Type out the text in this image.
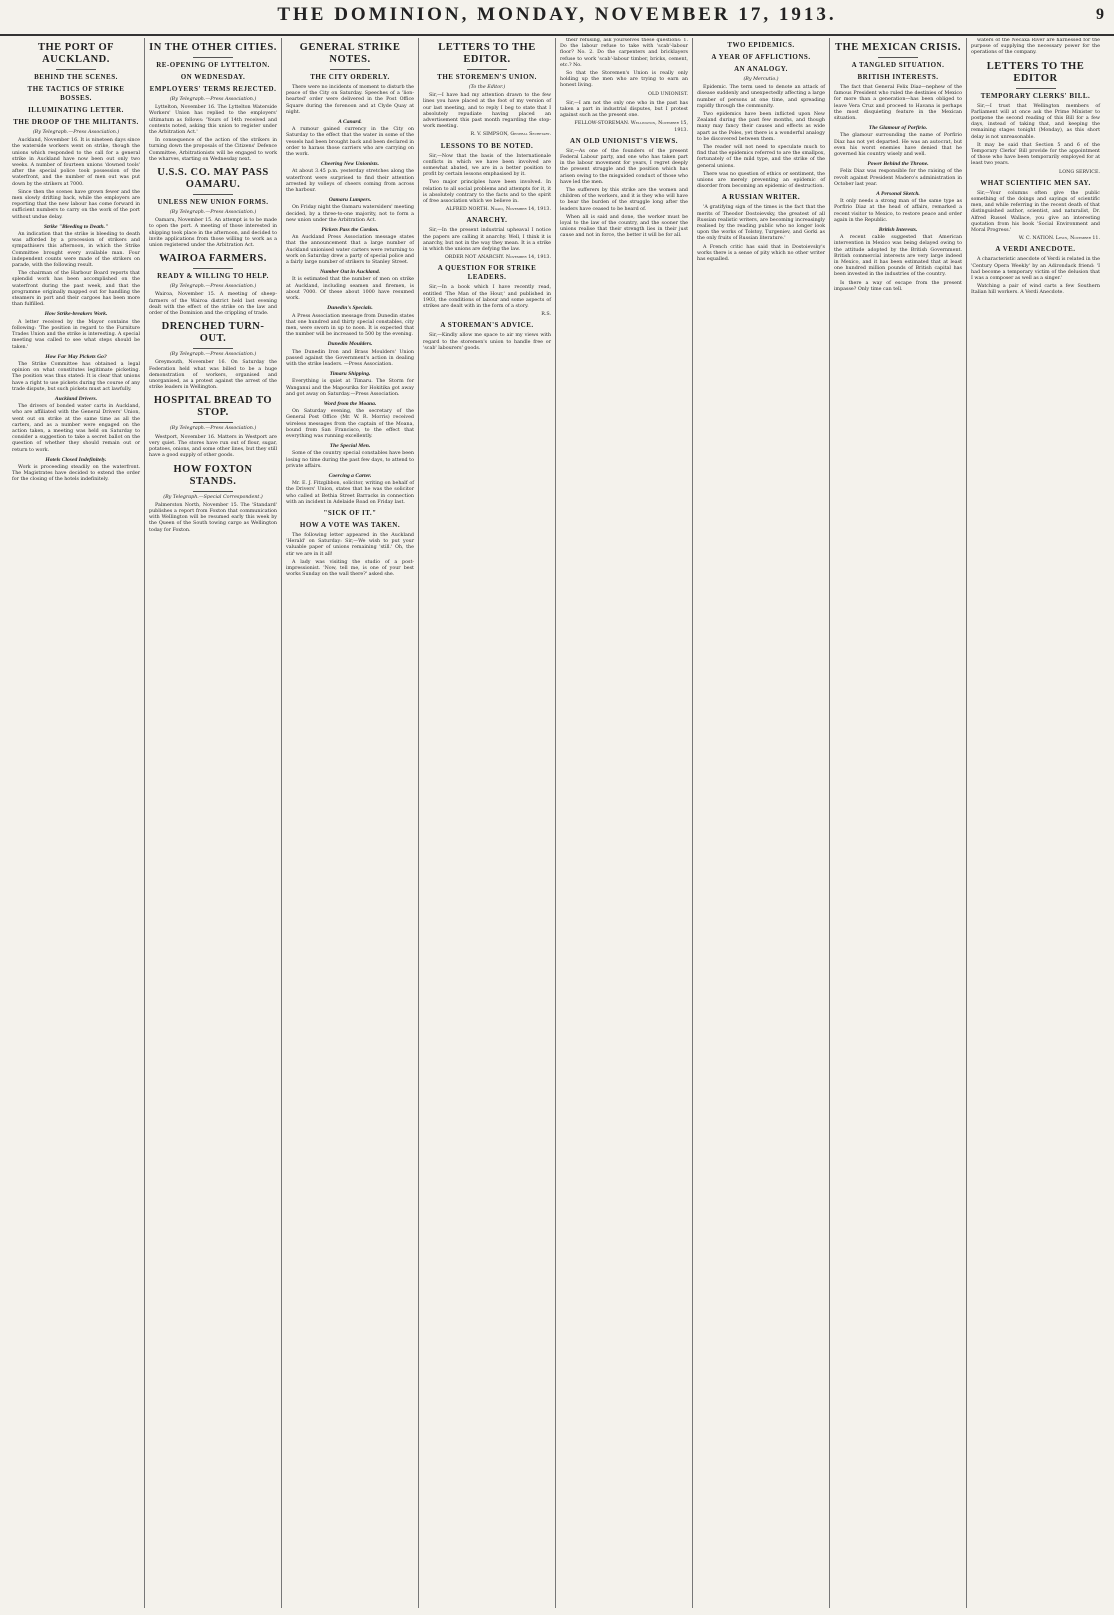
THE DOMINION, MONDAY, NOVEMBER 17, 1913.	9
THE PORT OF AUCKLAND.
BEHIND THE SCENES.
THE TACTICS OF STRIKE BOSSES.
ILLUMINATING LETTER.
THE DROOP OF THE MILITANTS.
(By Telegraph.—Press Association.)

Auckland, November 16. It is nineteen days since the waterside workers went on strike, though the unions which responded to the call for a general strike in Auckland have now been out only two weeks. A number of fourteen unions 'downed tools' after the special police took possession of the waterfront, and the number of men out was put down by the strikers at 7000.

Since then the scenes have grown fewer and the men slowly drifting back, while the employers are reporting that the new labour has come forward in sufficient numbers to carry on the work of the port without undue delay.

Strike "Bleeding to Death."

An indication that the strike is bleeding to death was afforded by a procession of strikers and sympathisers this afternoon, in which the Strike Committee brought every available man. Four independent counts were made of the strikers on parade, with the following result.

The chairman of the Harbour Board reports that splendid work has been accomplished on the waterfront during the past week, and that the programme originally mapped out for handling the steamers in port and their cargoes has been more than fulfilled.

How Strike-breakers Work.

A letter received by the Mayor contains the following: 'The position in regard to the Furniture Trades Union and the strike is interesting. A special meeting was called to see what steps should be taken.'

How Far May Pickets Go?

The Strike Committee has obtained a legal opinion on what constitutes legitimate picketing. The position was thus stated: It is clear that unions have a right to use pickets during the course of any trade dispute, but such pickets must act lawfully.

Auckland Drivers.

The drivers of bonded water carts in Auckland, who are affiliated with the General Drivers' Union, went out on strike at the same time as all the carters, and as a number were engaged on the action taken, a meeting was held on Saturday to consider a suggestion to take a secret ballot on the question of whether they should remain out or return to work.

Hotels Closed Indefinitely.

Work is proceeding steadily on the waterfront. The Magistrates have decided to extend the order for the closing of the hotels indefinitely.

IN THE OTHER CITIES.
RE-OPENING OF LYTTELTON.
ON WEDNESDAY.
EMPLOYERS' TERMS REJECTED.
(By Telegraph.—Press Association.)

Lyttelton, November 16. The Lyttelton Waterside Workers' Union has replied to the employers' ultimatum as follows: 'Yours of 14th received and contents noted, asking this union to register under the Arbitration Act.'

In consequence of the action of the strikers in turning down the proposals of the Citizens' Defence Committee, Arbitrationists will be engaged to work the wharves, starting on Wednesday next.

U.S.S. CO. MAY PASS OAMARU.
UNLESS NEW UNION FORMS.
(By Telegraph.—Press Association.)

Oamaru, November 15. An attempt is to be made to open the port. A meeting of those interested in shipping took place in the afternoon, and decided to invite applications from those willing to work as a union registered under the Arbitration Act.

WAIROA FARMERS.
READY & WILLING TO HELP.
(By Telegraph.—Press Association.)

Wairoa, November 15. A meeting of sheep-farmers of the Wairoa district held last evening dealt with the effect of the strike on the law and order of the Dominion and the crippling of trade.

DRENCHED TURN-OUT.
(By Telegraph.—Press Association.)

Greymouth, November 16. On Saturday the Federation held what was billed to be a huge demonstration of workers, organised and unorganised, as a protest against the arrest of the strike leaders in Wellington.

HOSPITAL BREAD TO STOP.
(By Telegraph.—Press Association.)

Westport, November 16. Matters in Westport are very quiet. The stores have run out of flour, sugar, potatoes, onions, and some other lines, but they still have a good supply of other goods.

HOW FOXTON STANDS.
(By Telegraph.—Special Correspondent.)

Palmerston North, November 15. The 'Standard' publishes a report from Foxton that communication with Wellington will be resumed early this week by the Queen of the South towing cargo as Wellington today for Foxton.

GENERAL STRIKE NOTES.
THE CITY ORDERLY.

There were no incidents of moment to disturb the peace of the City on Saturday. Speeches of a 'lion-hearted' order were delivered in the Post Office Square during the forenoon and at Clyde Quay at night.

A Canard.

A rumour gained currency in the City on Saturday to the effect that the water in some of the vessels had been brought back and been declared in order to harass those carriers who are carrying on the work.

Cheering New Unionists.

At about 3.45 p.m. yesterday stretches along the waterfront were surprised to find their attention arrested by volleys of cheers coming from across the harbour.

Oamaru Lumpers.

On Friday night the Oamaru watersiders' meeting decided, by a three-to-one majority, not to form a new union under the Arbitration Act.

Pickets Pass the Cordon.

An Auckland Press Association message states that the announcement that a large number of Auckland unionised water carters were returning to work on Saturday drew a party of special police and a fairly large number of strikers to Stanley Street.

Number Out in Auckland.

It is estimated that the number of men on strike at Auckland, including seamen and firemen, is about 7000. Of these about 1000 have resumed work.

Dunedin's Specials.

A Press Association message from Dunedin states that one hundred and thirty special constables, city men, were sworn in up to noon. It is expected that the number will be increased to 500 by the evening.

Dunedin Moulders.

The Dunedin Iron and Brass Moulders' Union passed against the Government's action in dealing with the strike leaders. —Press Association.

Timaru Shipping.

Everything is quiet at Timaru. The Storm for Wanganui and the Mapourika for Hokitika got away and got away on Saturday.—Press Association.

Word from the Moana.

On Saturday evening, the secretary of the General Post Office (Mr. W. R. Morris) received wireless messages from the captain of the Moana, bound from San Francisco, to the effect that everything was running excellently.

The Special Men.

Some of the country special constables have been losing no time during the past few days, to attend to private affairs.

Coercing a Carter.

Mr. E. J. Fitzgibbon, solicitor, writing on behalf of the Drivers' Union, states that he was the solicitor who called at Bethia Street Barracks in connection with an incident in Adelaide Road on Friday last.

"SICK OF IT."
HOW A VOTE WAS TAKEN.

The following letter appeared in the Auckland 'Herald' on Saturday: Sir,—We wish to put your valuable paper of unions remaining 'still.' Oh, the stir we are in it all!

A lady was visiting the studio of a post-impressionist. 'Now, tell me, is one of your best works Sunday on the wall there?' asked she.

LETTERS TO THE EDITOR.
THE STOREMEN'S UNION.
(To the Editor.)

Sir,—I have had my attention drawn to the few lines you have placed at the foot of my version of our last meeting, and to reply I beg to state that I absolutely repudiate having placed an advertisement this past month regarding the stop-work meeting.

R. V. SIMPSON, General Secretary.
LESSONS TO BE NOTED.

Sir,—Now that the basis of the Internationale conflicts in which we have been involved are somewhat abated, we are in a better position to profit by certain lessons emphasised by it.

Two major principles have been involved. In relation to all social problems and attempts for it, it is absolutely contrary to the facts and to the spirit of free association which we believe in.

ALFRED NORTH. Ngaio, November 14, 1913.
ANARCHY.

Sir,—In the present industrial upheaval I notice the papers are calling it anarchy. Well, I think it is anarchy, but not in the way they mean. It is a strike in which the unions are defying the law.

ORDER NOT ANARCHY. November 14, 1913.
A QUESTION FOR STRIKE LEADERS.

Sir,—In a book which I have recently read, entitled 'The Man of the Hour,' and published in 1903, the conditions of labour and some aspects of strikes are dealt with in the form of a story.

R.S.
A STOREMAN'S ADVICE.

Sir,—Kindly allow me space to air my views with regard to the storemen's union to handle free or 'scab' labourers' goods.

their refusing, ask yourselves these questions: 1. Do the labour refuse to take with 'scab'-labour floor? No. 2. Do the carpenters and bricklayers refuse to work 'scab'-labour timber, bricks, cement, etc.? No.

So that the Storemen's Union is really only holding up the men who are trying to earn an honest living.

OLD UNIONIST.

Sir,—I am not the only one who in the past has taken a part in industrial disputes, but I protest against such as the present one.

FELLOW-STOREMAN. Wellington, November 15, 1913.
AN OLD UNIONIST'S VIEWS.

Sir,—As one of the founders of the present Federal Labour party, and one who has taken part in the labour movement for years, I regret deeply the present struggle and the position which has arisen owing to the misguided conduct of those who have led the men.

The sufferers by this strike are the women and children of the workers, and it is they who will have to bear the burden of the struggle long after the leaders have ceased to be heard of.

When all is said and done, the worker must be loyal to the law of the country, and the sooner the unions realise that their strength lies in their just cause and not in force, the better it will be for all.

TWO EPIDEMICS.
A YEAR OF AFFLICTIONS.
AN ANALOGY.
(By Mercutio.)

Epidemic. The term used to denote an attack of disease suddenly and unexpectedly affecting a large number of persons at one time, and spreading rapidly through the community.

Two epidemics have been inflicted upon New Zealand during the past few months, and though many may fancy their causes and effects as wide apart as the Poles, yet there is a wonderful analogy to be discovered between them.

The reader will not need to speculate much to find that the epidemics referred to are the smallpox, fortunately of the mild type, and the strike of the general unions.

There was no question of ethics or sentiment, the unions are merely preventing an epidemic of disorder from becoming an epidemic of destruction.

A RUSSIAN WRITER.

'A gratifying sign of the times is the fact that the merits of Theodor Dostoievsky, the greatest of all Russian realistic writers, are becoming increasingly realised by the reading public who no longer look upon the works of Tolstoy, Turgeniev, and Gorki as the only fruits of Russian literature.'

A French critic has said that in Dostoievsky's works there is a sense of pity which no other writer has equalled.

THE MEXICAN CRISIS.
A TANGLED SITUATION.
BRITISH INTERESTS.

The fact that General Felix Diaz—nephew of the famous President who ruled the destinies of Mexico for more than a generation—has been obliged to leave Vera Cruz and proceed to Havana is perhaps the most disquieting feature in the Mexican situation.

The Glamour of Porfirio.

The glamour surrounding the name of Porfirio Diaz has not yet departed. He was an autocrat, but even his worst enemies have denied that he governed his country wisely and well.

Power Behind the Throne.

Felix Diaz was responsible for the raising of the revolt against President Madero's administration in October last year.

A Personal Sketch.

It only needs a strong man of the same type as Porfirio Diaz at the head of affairs, remarked a recent visitor to Mexico, to restore peace and order again in the Republic.

British Interests.

A recent cable suggested that American intervention in Mexico was being delayed owing to the attitude adopted by the British Government. British commercial interests are very large indeed in Mexico, and it has been estimated that at least one hundred million pounds of British capital has been invested in the industries of the country.

Is there a way of escape from the present impasse? Only time can tell.

waters of the Necaxa River are harnessed for the purpose of supplying the necessary power for the operations of the company.

LETTERS TO THE EDITOR
TEMPORARY CLERKS' BILL.

Sir,—I trust that Wellington members of Parliament will at once ask the Prime Minister to postpone the second reading of this Bill for a few days, instead of taking that, and keeping the remaining stages tonight (Monday), as this short delay is not unreasonable.

It may be said that Section 5 and 6 of the Temporary Clerks' Bill provide for the appointment of those who have been temporarily employed for at least two years.

LONG SERVICE.
WHAT SCIENTIFIC MEN SAY.

Sir,—Your columns often give the public something of the doings and sayings of scientific men, and while referring in the recent death of that distinguished author, scientist, and naturalist, Dr. Alfred Russel Wallace, you give an interesting quotation from his book 'Social Environment and Moral Progress.'

W. C. NATION. Levin, November 11.
A VERDI ANECDOTE.

A characteristic anecdote of Verdi is related in the 'Century Opera Weekly' by an Adirondack friend: 'I had become a temporary victim of the delusion that I was a composer as well as a singer.'

Watching a pair of wind carts a few Southern Italian hill workers. A Verdi Anecdote.
